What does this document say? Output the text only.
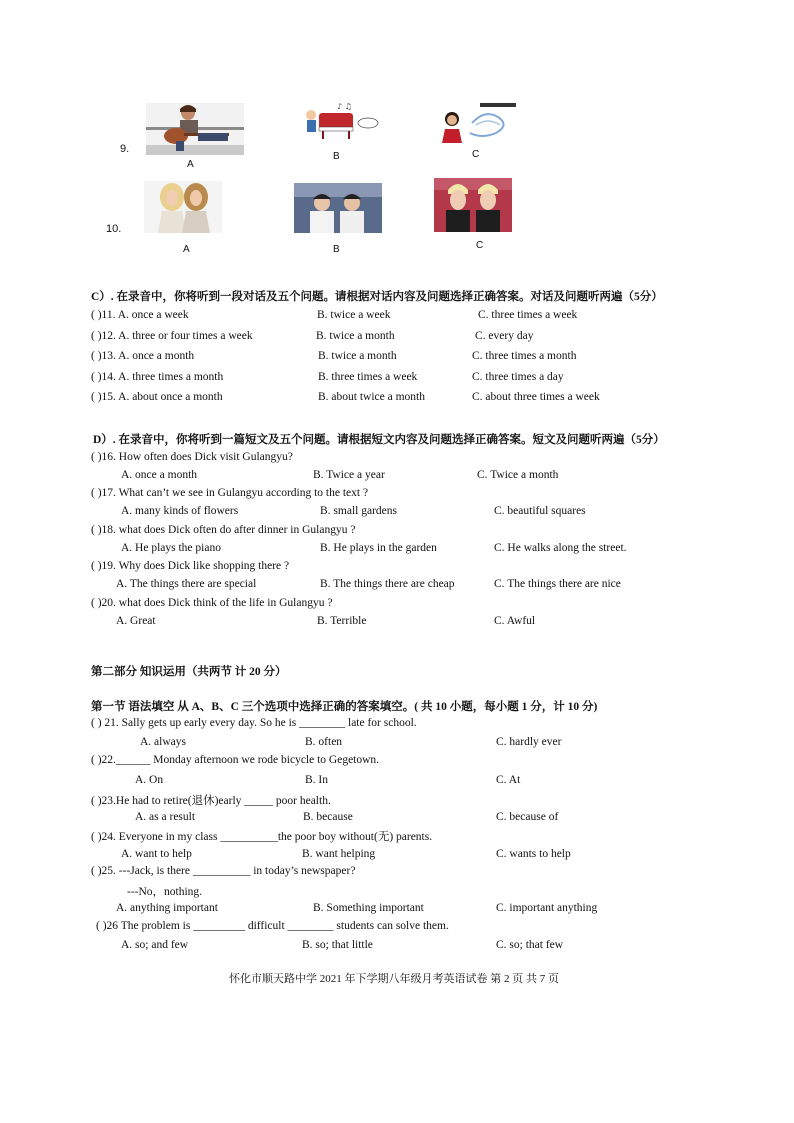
9.
A
♪ ♫
B	C
10.
A	B	C
C）. 在录音中，你将听到一段对话及五个问题。请根据对话内容及问题选择正确答案。对话及问题听两遍（5分）
( )11. A. once a week	B. twice a week	C. three times a week
( )12. A. three or four times a week	B. twice a month	C. every day
( )13. A. once a month	B. twice a month	C. three times a month
( )14. A. three times a month	B. three times a week	C. three times a day
( )15. A. about once a month	B. about twice a month	C. about three times a week
D）. 在录音中，你将听到一篇短文及五个问题。请根据短文内容及问题选择正确答案。短文及问题听两遍（5分）
( )16. How often does Dick visit Gulangyu?
A. once a month	B. Twice a year	C. Twice a month
( )17. What can’t we see in Gulangyu according to the text ?
A. many kinds of flowers	B. small gardens	C. beautiful squares
( )18. what does Dick often do after dinner in Gulangyu ?
A. He plays the piano	B. He plays in the garden	C. He walks along the street.
( )19. Why does Dick like shopping there ?
A. The things there are special	B. The things there are cheap	C. The things there are nice
( )20. what does Dick think of the life in Gulangyu ?
A. Great	B. Terrible	C. Awful
第二部分 知识运用（共两节 计 20 分）
第一节 语法填空 从 A、B、C 三个选项中选择正确的答案填空。( 共 10 小题，每小题 1 分，计 10 分)
( ) 21. Sally gets up early every day. So he is ________ late for school.
A. always	B. often	C. hardly ever
( )22.______ Monday afternoon we rode bicycle to Gegetown.
A. On	B. In	C. At
( )23.He had to retire(退休)early _____ poor health.
A. as a result	B. because	C. because of
( )24. Everyone in my class __________the poor boy without(无) parents.
A. want to help	B. want helping	C. wants to help
( )25. ---Jack, is there __________ in today’s newspaper?
---No，nothing.
A. anything important	B. Something important	C. important anything
( )26 The problem is _________ difficult ________ students can solve them.
A. so; and few	B. so; that little	C. so; that few
怀化市顺天路中学 2021 年下学期八年级月考英语试卷 第 2 页 共 7 页
